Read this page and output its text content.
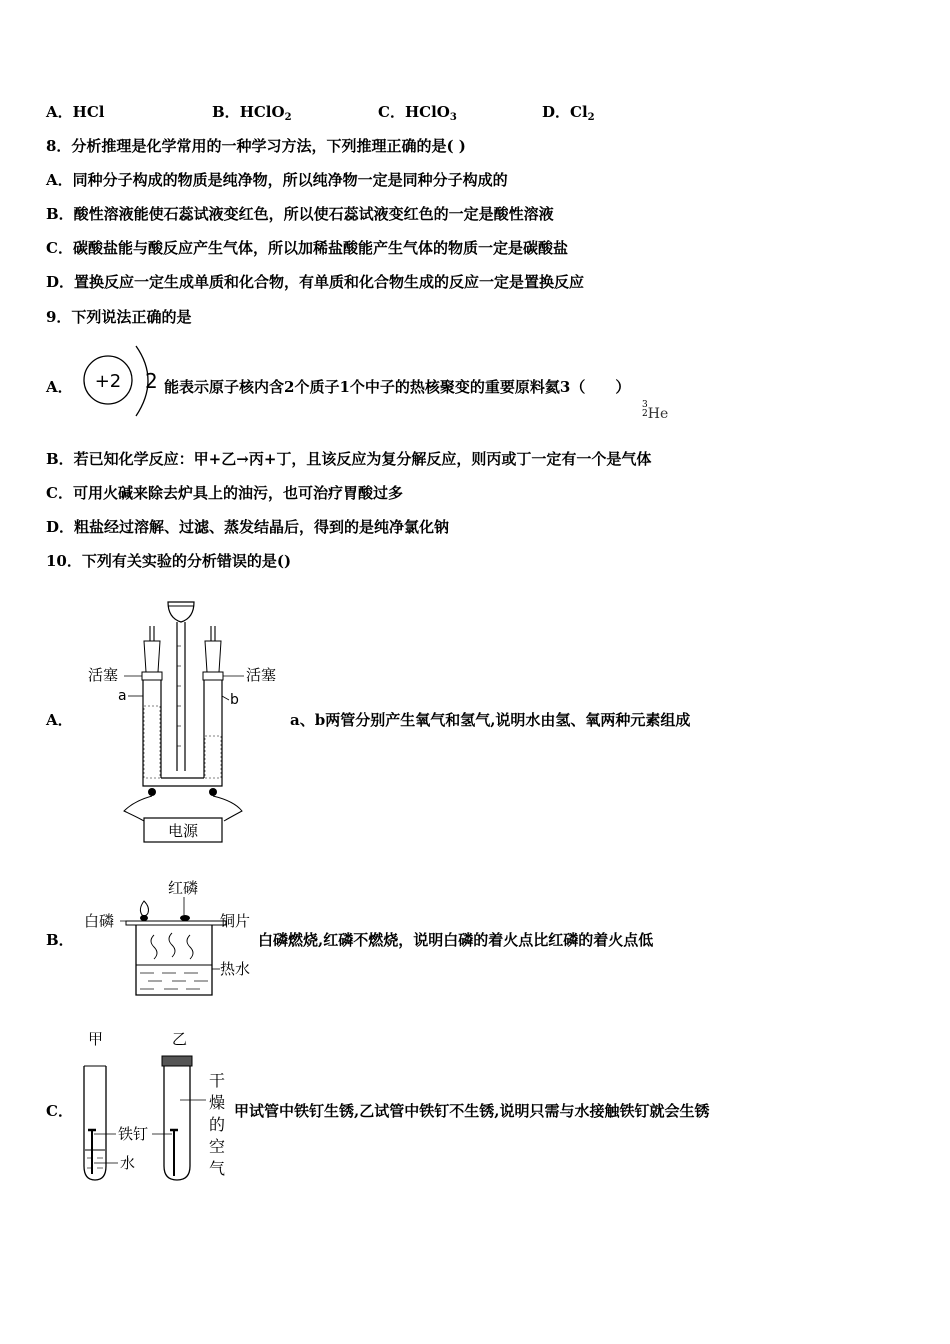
A．HCl	B．HClO$_2$	C．HClO$_3$	D．$Cl_2$
8．分析推理是化学常用的一种学习方法，下列推理正确的是( )
A．同种分子构成的物质是纯净物，所以纯净物一定是同种分子构成的
B．酸性溶液能使石蕊试液变红色，所以使石蕊试液变红色的一定是酸性溶液
C．碳酸盐能与酸反应产生气体，所以加稀盐酸能产生气体的物质一定是碳酸盐
D．置换反应一定生成单质和化合物，有单质和化合物生成的反应一定是置换反应
9．下列说法正确的是
A． +2 2 能表示原子核内含2个质子1个中子的热核聚变的重要原料氦3（　　）
3
2 He
B．若已知化学反应：甲+乙→丙+丁，且该反应为复分解反应，则丙或丁一定有一个是气体
C．可用火碱来除去炉具上的油污，也可治疗胃酸过多
D．粗盐经过溶解、过滤、蒸发结晶后，得到的是纯净氯化钠
10．下列有关实验的分析错误的是()
A．
电源
活塞	活塞
a	b
a、b两管分别产生氧气和氢气,说明水由氢、氧两种元素组成
B．
红磷
白磷	铜片
热水
白磷燃烧,红磷不燃烧，说明白磷的着火点比红磷的着火点低
C．
甲	乙
铁钉
水
干
燥
的
空
气
甲试管中铁钉生锈,乙试管中铁钉不生锈,说明只需与水接触铁钉就会生锈
